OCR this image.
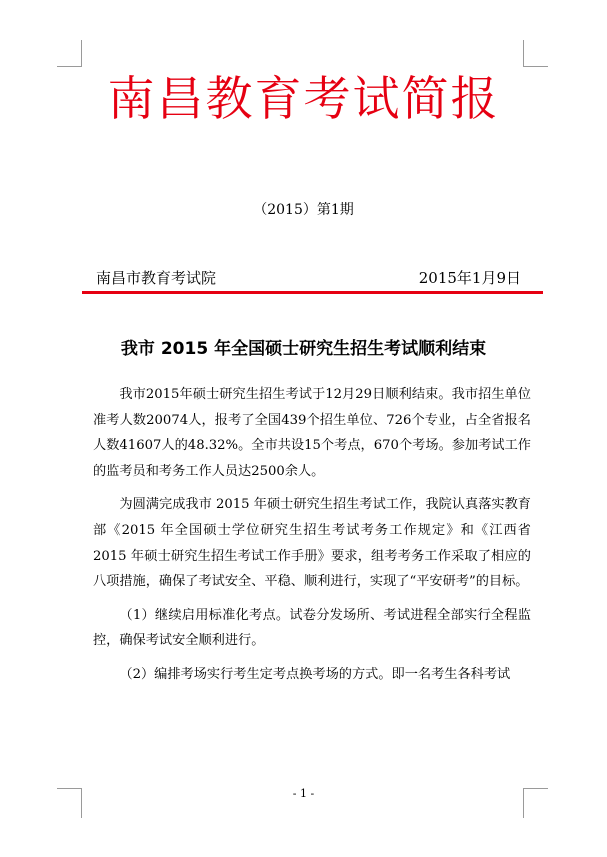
南昌教育考试简报
（2015）第1期
南昌市教育考试院	2015年1月9日
我市 2015 年全国硕士研究生招生考试顺利结束

我市2015年硕士研究生招生考试于12月29日顺利结束。我市招生单位准考人数20074人，报考了全国439个招生单位、726个专业，占全省报名人数41607人的48.32%。全市共设15个考点，670个考场。参加考试工作的监考员和考务工作人员达2500余人。

为圆满完成我市 2015 年硕士研究生招生考试工作，我院认真落实教育部《2015 年全国硕士学位研究生招生考试考务工作规定》和《江西省 2015 年硕士研究生招生考试工作手册》要求，组考考务工作采取了相应的八项措施，确保了考试安全、平稳、顺利进行，实现了“平安研考”的目标。

（1）继续启用标准化考点。试卷分发场所、考试进程全部实行全程监控，确保考试安全顺利进行。

（2）编排考场实行考生定考点换考场的方式。即一名考生各科考试

- 1 -
